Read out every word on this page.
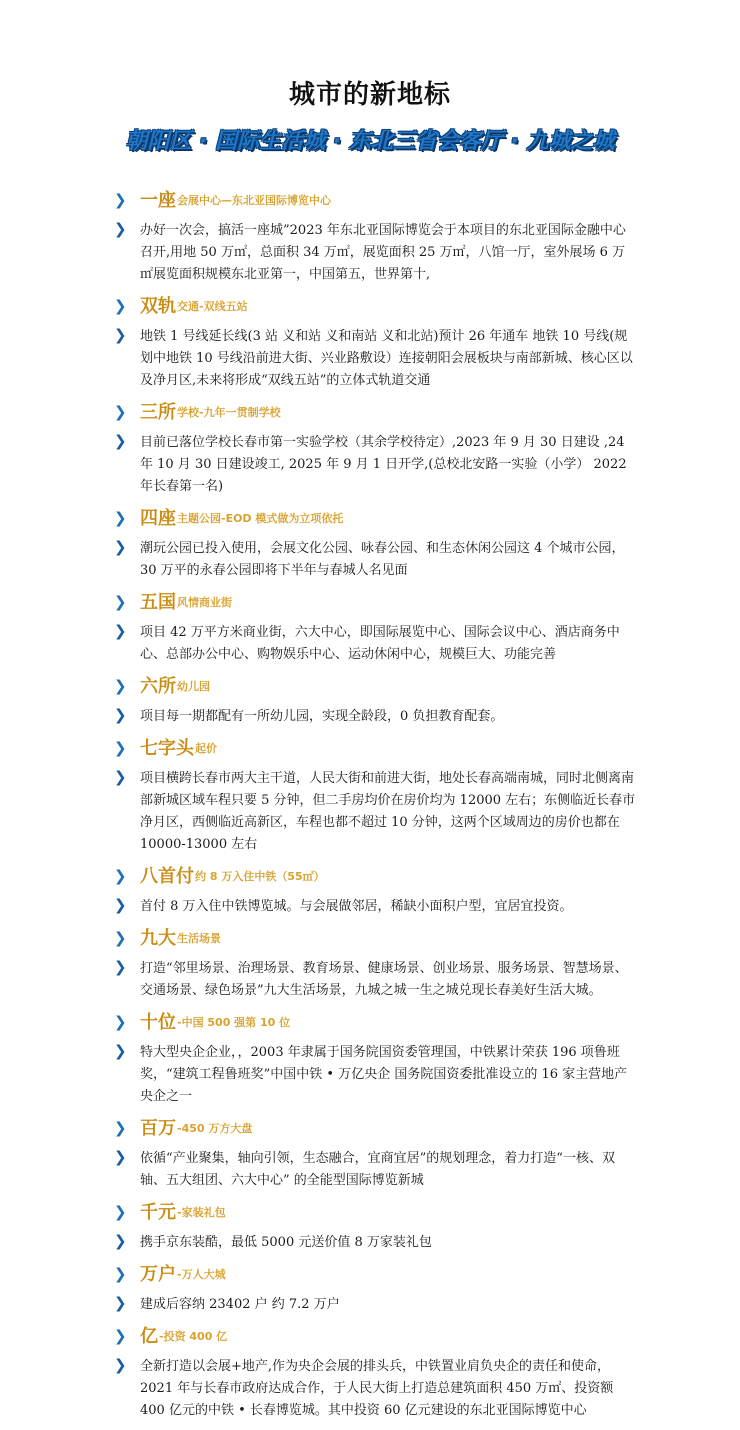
城市的新地标
朝阳区 · 国际生活城 · 东北三省会客厅 · 九城之城
❯ 一座 会展中心—东北亚国际博览中心
❯ 办好一次会，搞活一座城”2023 年东北亚国际博览会于本项目的东北亚国际金融中心召开,用地 50 万㎡，总面积 34 万㎡，展览面积 25 万㎡，八馆一厅，室外展场 6 万㎡展览面积规模东北亚第一，中国第五，世界第十,

❯ 双轨 交通-双线五站
❯ 地铁 1 号线延长线(3 站 义和站 义和南站 义和北站)预计 26 年通车 地铁 10 号线(规划中地铁 10 号线沿前进大街、兴业路敷设）连接朝阳会展板块与南部新城、核心区以及净月区,未来将形成“双线五站”的立体式轨道交通

❯ 三所 学校-九年一贯制学校
❯ 目前已落位学校长春市第一实验学校（其余学校待定）,2023 年 9 月 30 日建设 ,24 年 10 月 30 日建设竣工, 2025 年 9 月 1 日开学,(总校北安路一实验（小学） 2022 年长春第一名)

❯ 四座 主题公园-EOD 模式做为立项依托
❯ 潮玩公园已投入使用，会展文化公园、咏春公园、和生态休闲公园这 4 个城市公园，30 万平的永春公园即将下半年与春城人名见面

❯ 五国 风情商业街
❯ 项目 42 万平方米商业街，六大中心，即国际展览中心、国际会议中心、酒店商务中心、总部办公中心、购物娱乐中心、运动休闲中心，规模巨大、功能完善

❯ 六所 幼儿园
❯ 项目每一期都配有一所幼儿园，实现全龄段，0 负担教育配套。

❯ 七字头 起价
❯ 项目横跨长春市两大主干道，人民大街和前进大街，地处长春高端南城，同时北侧离南部新城区域车程只要 5 分钟，但二手房均价在房价均为 12000 左右；东侧临近长春市净月区，西侧临近高新区，车程也都不超过 10 分钟，这两个区域周边的房价也都在 10000-13000 左右

❯ 八首付 约 8 万入住中铁（55㎡）
❯ 首付 8 万入住中铁博览城。与会展做邻居，稀缺小面积户型，宜居宜投资。

❯ 九大 生活场景
❯ 打造“邻里场景、治理场景、教育场景、健康场景、创业场景、服务场景、智慧场景、交通场景、绿色场景”九大生活场景，九城之城一生之城兑现长春美好生活大城。

❯ 十位 -中国 500 强第 10 位
❯ 特大型央企企业，，2003 年隶属于国务院国资委管理国，中铁累计荣获 196 项鲁班奖，“建筑工程鲁班奖”中国中铁 • 万亿央企 国务院国资委批准设立的 16 家主营地产央企之一

❯ 百万 -450 万方大盘
❯ 依循“产业聚集，轴向引领，生态融合，宜商宜居”的规划理念，着力打造“一核、双轴、五大组团、六大中心” 的全能型国际博览新城

❯ 千元 -家装礼包
❯ 携手京东装酷，最低 5000 元送价值 8 万家装礼包

❯ 万户 -万人大城
❯ 建成后容纳 23402 户 约 7.2 万户

❯ 亿 -投资 400 亿
❯ 全新打造以会展+地产,作为央企会展的排头兵，中铁置业肩负央企的责任和使命，2021 年与长春市政府达成合作，于人民大街上打造总建筑面积 450 万㎡、投资额 400 亿元的中铁 • 长春博览城。其中投资 60 亿元建设的东北亚国际博览中心
